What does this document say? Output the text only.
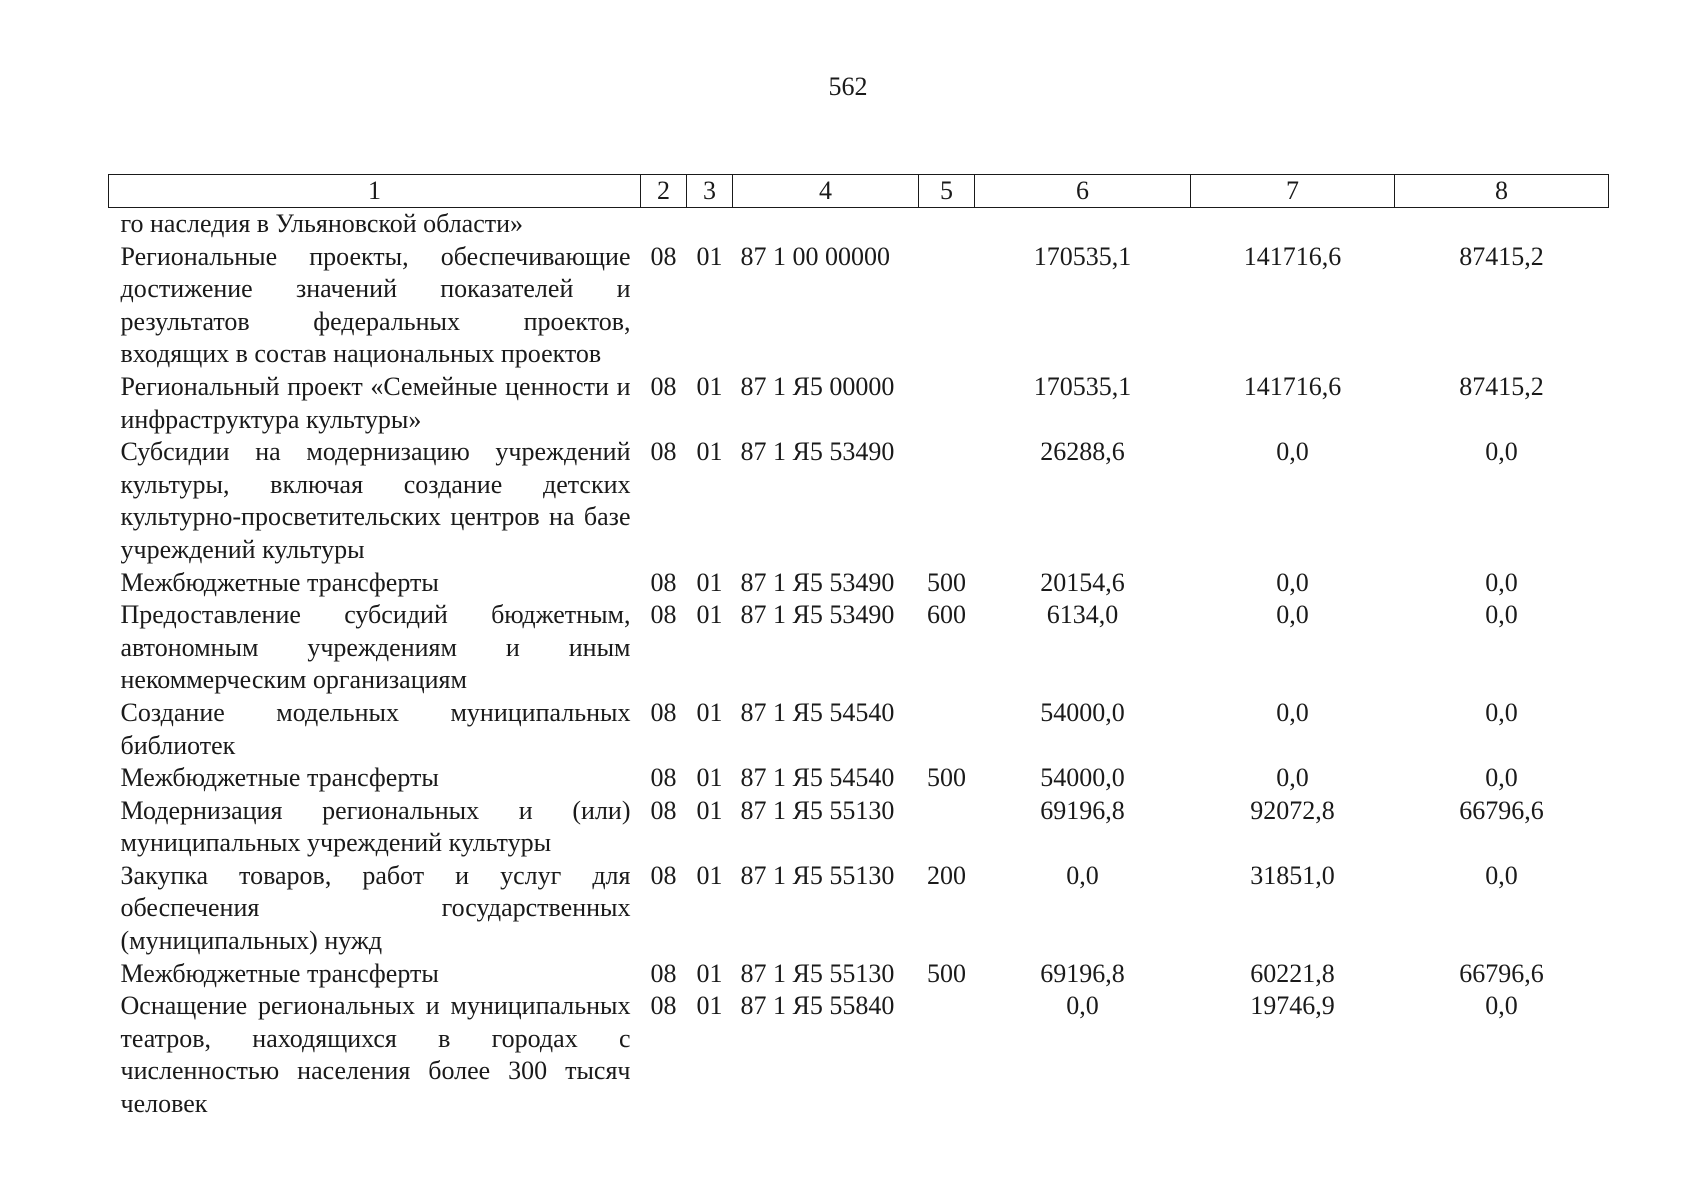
562
1	2	3	4	5	6	7	8
го наследия в Ульяновской области»							
Региональные проекты, обеспечивающие достижение значений показателей и результатов федеральных проектов, входящих в состав национальных проектов	08	01	87 1 00 00000		170535,1	141716,6	87415,2
Региональный проект «Семейные ценности и инфраструктура культуры»	08	01	87 1 Я5 00000		170535,1	141716,6	87415,2
Субсидии на модернизацию учреждений культуры, включая создание детских культурно-просветительских центров на базе учреждений культуры	08	01	87 1 Я5 53490		26288,6	0,0	0,0
Межбюджетные трансферты	08	01	87 1 Я5 53490	500	20154,6	0,0	0,0
Предоставление субсидий бюджетным, автономным учреждениям и иным некоммерческим организациям	08	01	87 1 Я5 53490	600	6134,0	0,0	0,0
Создание модельных муниципальных библиотек	08	01	87 1 Я5 54540		54000,0	0,0	0,0
Межбюджетные трансферты	08	01	87 1 Я5 54540	500	54000,0	0,0	0,0
Модернизация региональных и (или) муниципальных учреждений культуры	08	01	87 1 Я5 55130		69196,8	92072,8	66796,6
Закупка товаров, работ и услуг для обеспечения государственных (муниципальных) нужд	08	01	87 1 Я5 55130	200	0,0	31851,0	0,0
Межбюджетные трансферты	08	01	87 1 Я5 55130	500	69196,8	60221,8	66796,6
Оснащение региональных и муниципальных театров, находящихся в городах с численностью населения более 300 тысяч человек	08	01	87 1 Я5 55840		0,0	19746,9	0,0
